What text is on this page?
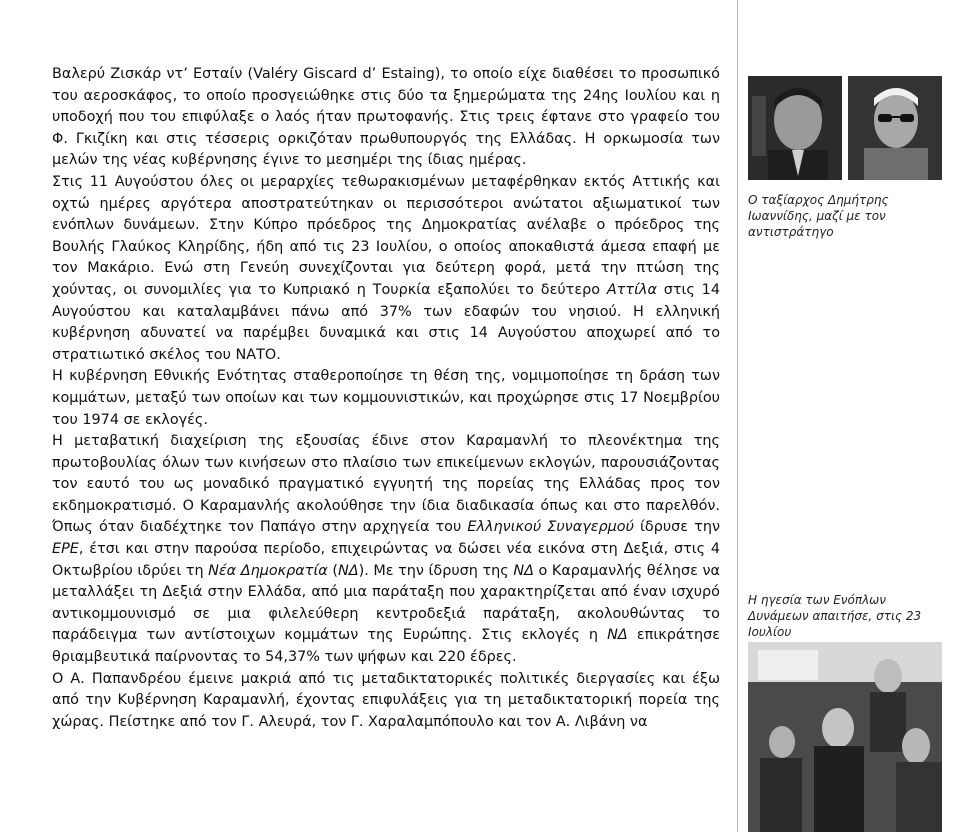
Βαλερύ Ζισκάρ ντ’ Εσταίν (Valéry Giscard d’ Estaing), το οποίο είχε διαθέσει το προσωπικό του αεροσκάφος, το οποίο προσγειώθηκε στις δύο τα ξημερώματα της 24ης Ιουλίου και η υποδοχή που του επιφύλαξε ο λαός ήταν πρωτοφανής. Στις τρεις έφτανε στο γραφείο του Φ. Γκιζίκη και στις τέσσερις ορκιζόταν πρωθυπουργός της Ελλάδας. Η ορκωμοσία των μελών της νέας κυβέρνησης έγινε το μεσημέρι της ίδιας ημέρας.

Στις 11 Αυγούστου όλες οι μεραρχίες τεθωρακισμένων μεταφέρθηκαν εκτός Αττικής και οχτώ ημέρες αργότερα αποστρατεύτηκαν οι περισσότεροι ανώτατοι αξιωματικοί των ενόπλων δυνάμεων. Στην Κύπρο πρόεδρος της Δημοκρατίας ανέλαβε ο πρόεδρος της Βουλής Γλαύκος Κληρίδης, ήδη από τις 23 Ιουλίου, ο οποίος αποκαθιστά άμεσα επαφή με τον Μακάριο. Ενώ στη Γενεύη συνεχίζονται για δεύτερη φορά, μετά την πτώση της χούντας, οι συνομιλίες για το Κυπριακό η Τουρκία εξαπολύει το δεύτερο Αττίλα στις 14 Αυγούστου και καταλαμβάνει πάνω από 37% των εδαφών του νησιού. Η ελληνική κυβέρνηση αδυνατεί να παρέμβει δυναμικά και στις 14 Αυγούστου αποχωρεί από το στρατιωτικό σκέλος του ΝΑΤΟ.

Η κυβέρνηση Εθνικής Ενότητας σταθεροποίησε τη θέση της, νομιμοποίησε τη δράση των κομμάτων, μεταξύ των οποίων και των κομμουνιστικών, και προχώρησε στις 17 Νοεμβρίου του 1974 σε εκλογές.

Η μεταβατική διαχείριση της εξουσίας έδινε στον Καραμανλή το πλεονέκτημα της πρωτοβουλίας όλων των κινήσεων στο πλαίσιο των επικείμενων εκλογών, παρουσιάζοντας τον εαυτό του ως μοναδικό πραγματικό εγγυητή της πορείας της Ελλάδας προς τον εκδημοκρατισμό. Ο Καραμανλής ακολούθησε την ίδια διαδικασία όπως και στο παρελθόν. Όπως όταν διαδέχτηκε τον Παπάγο στην αρχηγεία του Ελληνικού Συναγερμού ίδρυσε την ΕΡΕ, έτσι και στην παρούσα περίοδο, επιχειρώντας να δώσει νέα εικόνα στη Δεξιά, στις 4 Οκτωβρίου ιδρύει τη Νέα Δημοκρατία (ΝΔ). Με την ίδρυση της ΝΔ ο Καραμανλής θέλησε να μεταλλάξει τη Δεξιά στην Ελλάδα, από μια παράταξη που χαρακτηρίζεται από έναν ισχυρό αντικομμουνισμό σε μια φιλελεύθερη κεντροδεξιά παράταξη, ακολουθώντας το παράδειγμα των αντίστοιχων κομμάτων της Ευρώπης. Στις εκλογές η ΝΔ επικράτησε θριαμβευτικά παίρνοντας το 54,37% των ψήφων και 220 έδρες.

Ο Α. Παπανδρέου έμεινε μακριά από τις μεταδικτατορικές πολιτικές διεργασίες και έξω από την Κυβέρνηση Καραμανλή, έχοντας επιφυλάξεις για τη μεταδικτατορική πορεία της χώρας. Πείστηκε από τον Γ. Αλευρά, τον Γ. Χαραλαμπόπουλο και τον Α. Λιβάνη να

Ο ταξίαρχος Δημήτρης Ιωαννίδης, μαζί με τον αντιστράτηγο
Η ηγεσία των Ενόπλων Δυνάμεων απαιτήσε, στις 23 Ιουλίου
